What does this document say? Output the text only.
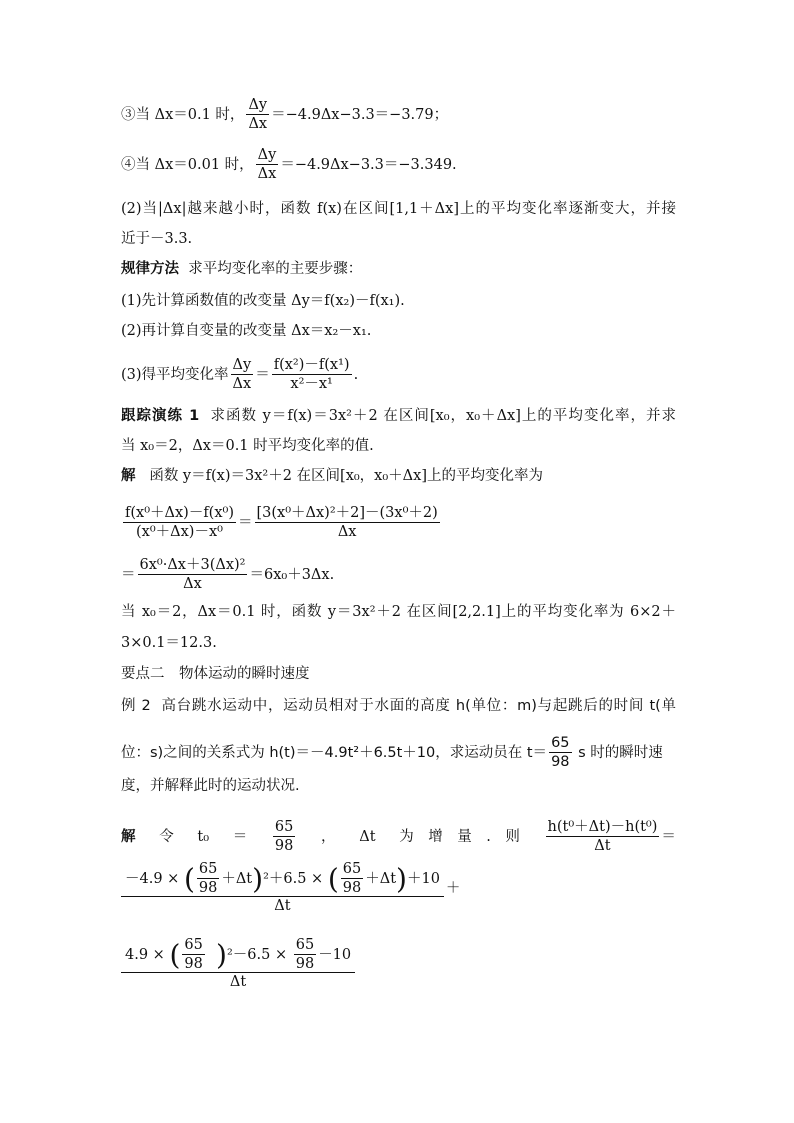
③当 Δx＝0.1 时， $\frac{\Delta y}{\Delta x} =-4.9\Delta x-3.3=-3.79$；
④当 Δx＝0.01 时， $\frac{\Delta y}{\Delta x} =-4.9\Delta x-3.3=-3.349$.
(2)当|Δx|越来越小时，函数 f(x)在区间[1,1＋Δx]上的平均变化率逐渐变大，并接
近于－3.3.
规律方法 求平均变化率的主要步骤：
(1)先计算函数值的改变量 Δy＝f(x₂)－f(x₁).
(2)再计算自变量的改变量 Δx＝x₂－x₁.
(3)得平均变化率 $\frac{\Delta y}{\Delta x} = \frac{\text{f(x²)－f(x¹)}}{\text{x²－x¹}}$ .
跟踪演练 1 求函数 y＝f(x)＝3x²＋2 在区间[x₀，x₀＋Δx]上的平均变化率，并求
当 x₀＝2，Δx＝0.1 时平均变化率的值.
解 函数 y＝f(x)＝3x²＋2 在区间[x₀，x₀＋Δx]上的平均变化率为
$\frac{\text{f(x⁰＋Δx)－f(x⁰)}}{\text{(x⁰＋Δx)－x⁰}} = \frac{\text{[3(x⁰＋Δx)²＋2]－(3x⁰＋2)}}{\Delta x}$
＝ $\frac{\text{6x⁰·Δx＋3(Δx)²}}{\Delta x} =6x_0+3\Delta x$.
当 x₀＝2，Δx＝0.1 时，函数 y＝3x²＋2 在区间[2,2.1]上的平均变化率为 6×2＋
3×0.1＝12.3.
要点二　物体运动的瞬时速度
例 2 高台跳水运动中，运动员相对于水面的高度 h(单位：m)与起跳后的时间 t(单
位：s)之间的关系式为 h(t)＝－4.9t²＋6.5t＋10，求运动员在 $t= \frac{65}{98}$ s 时的瞬时速
度，并解释此时的运动状况.
解 令 $t_0 = \frac{65}{98}$ ， Δt 为　增　量　.　则 $\frac{\text{h(t⁰＋Δt)－h(t⁰)}}{\Delta t}$ ＝
$\frac{-4.9 \times ( \frac{65}{98} +\Delta t)^2+6.5 \times ( \frac{65}{98} +\Delta t)+10}{\Delta t}$ ＋
$\frac{4.9 \times ( \frac{65}{98} )^2-6.5 \times \frac{65}{98} -10}{\Delta t}$
